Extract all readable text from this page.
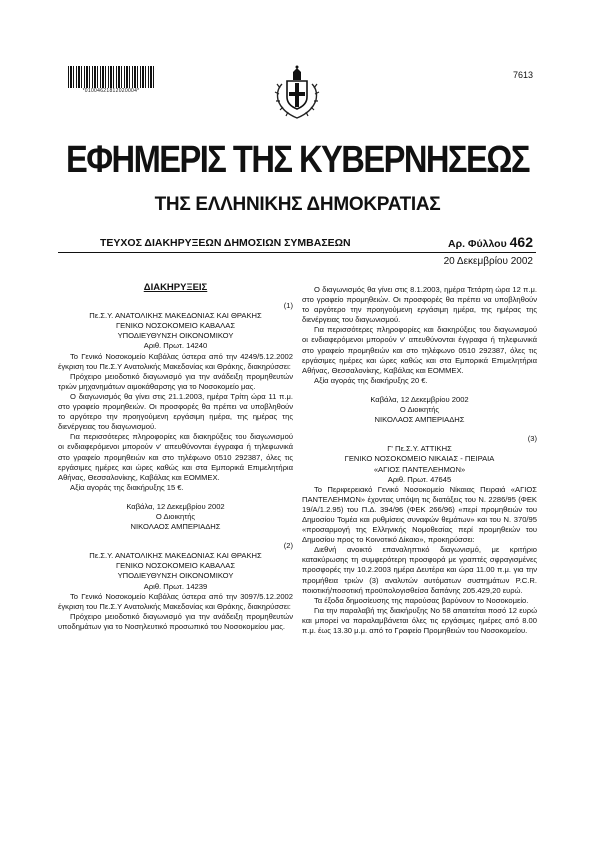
*01004621812020004*
7613
ΕΦΗΜΕΡΙΣ ΤΗΣ ΚΥΒΕΡΝΗΣΕΩΣ
ΤΗΣ ΕΛΛΗΝΙΚΗΣ ΔΗΜΟΚΡΑΤΙΑΣ
ΤΕΥΧΟΣ ΔΙΑΚΗΡΥΞΕΩΝ ΔΗΜΟΣΙΩΝ ΣΥΜΒΑΣΕΩΝ	Αρ. Φύλλου 462
20 Δεκεμβρίου 2002
ΔΙΑΚΗΡΥΞΕΙΣ

(1)

Πε.Σ.Υ. ΑΝΑΤΟΛΙΚΗΣ ΜΑΚΕΔΟΝΙΑΣ ΚΑΙ ΘΡΑΚΗΣ

ΓΕΝΙΚΟ ΝΟΣΟΚΟΜΕΙΟ ΚΑΒΑΛΑΣ

ΥΠΟΔΙΕΥΘΥΝΣΗ ΟΙΚΟΝΟΜΙΚΟΥ

Αριθ. Πρωτ. 14240

Το Γενικό Νοσοκομείο Καβάλας ύστερα από την 4249/5.12.2002 έγκριση του Πε.Σ.Υ Ανατολικής Μακεδονίας και Θράκης, διακηρύσσει:

Πρόχειρο μειοδοτικό διαγωνισμό για την ανάδειξη προμηθευτών τριών μηχανημάτων αιμοκάθαρσης για το Νοσοκομείο μας.

Ο διαγωνισμός θα γίνει στις 21.1.2003, ημέρα Τρίτη ώρα 11 π.μ. στο γραφείο προμηθειών. Οι προσφορές θα πρέπει να υποβληθούν το αργότερο την προηγούμενη εργάσιμη ημέρα, της ημέρας της διενέργειας του διαγωνισμού.

Για περισσότερες πληροφορίες και διακηρύξεις του διαγωνισμού οι ενδιαφερόμενοι μπορούν ν' απευθύνονται έγγραφα ή τηλεφωνικά στο γραφείο προμηθειών και στο τηλέφωνο 0510 292387, όλες τις εργάσιμες ημέρες και ώρες καθώς και στα Εμπορικά Επιμελητήρια Αθήνας, Θεσσαλονίκης, Καβάλας και ΕΟΜΜΕΧ.

Αξία αγοράς της διακήρυξης 15 €.

Καβάλα, 12 Δεκεμβρίου 2002

Ο Διοικητής

ΝΙΚΟΛΑΟΣ ΑΜΠΕΡΙΑΔΗΣ

(2)

Πε.Σ.Υ. ΑΝΑΤΟΛΙΚΗΣ ΜΑΚΕΔΟΝΙΑΣ ΚΑΙ ΘΡΑΚΗΣ

ΓΕΝΙΚΟ ΝΟΣΟΚΟΜΕΙΟ ΚΑΒΑΛΑΣ

ΥΠΟΔΙΕΥΘΥΝΣΗ ΟΙΚΟΝΟΜΙΚΟΥ

Αριθ. Πρωτ. 14239

Το Γενικό Νοσοκομείο Καβάλας ύστερα από την 3097/5.12.2002 έγκριση του Πε.Σ.Υ Ανατολικής Μακεδονίας και Θράκης, διακηρύσσει:

Πρόχειρο μειοδοτικό διαγωνισμό για την ανάδειξη προμηθευτών υποδημάτων για το Νοσηλευτικό προσωπικό του Νοσοκομείου μας.

Ο διαγωνισμός θα γίνει στις 8.1.2003, ημέρα Τετάρτη ώρα 12 π.μ. στο γραφείο προμηθειών. Οι προσφορές θα πρέπει να υποβληθούν το αργότερο την προηγούμενη εργάσιμη ημέρα, της ημέρας της διενέργειας του διαγωνισμού.

Για περισσότερες πληροφορίες και διακηρύξεις του διαγωνισμού οι ενδιαφερόμενοι μπορούν ν' απευθύνονται έγγραφα ή τηλεφωνικά στο γραφείο προμηθειών και στο τηλέφωνο 0510 292387, όλες τις εργάσιμες ημέρες και ώρες καθώς και στα Εμπορικά Επιμελητήρια Αθήνας, Θεσσαλονίκης, Καβάλας και ΕΟΜΜΕΧ.

Αξία αγοράς της διακήρυξης 20 €.

Καβάλα, 12 Δεκεμβρίου 2002

Ο Διοικητής

ΝΙΚΟΛΑΟΣ ΑΜΠΕΡΙΑΔΗΣ

(3)

Γ' Πε.Σ.Υ. ΑΤΤΙΚΗΣ

ΓΕΝΙΚΟ ΝΟΣΟΚΟΜΕΙΟ ΝΙΚΑΙΑΣ - ΠΕΙΡΑΙΑ

«ΑΓΙΟΣ ΠΑΝΤΕΛΕΗΜΩΝ»

Αριθ. Πρωτ. 47645

Το Περιφερειακό Γενικό Νοσοκομείο Νίκαιας Πειραιά «ΑΓΙΟΣ ΠΑΝΤΕΛΕΗΜΩΝ» έχοντας υπόψη τις διατάξεις του Ν. 2286/95 (ΦΕΚ 19/Α/1.2.95) του Π.Δ. 394/96 (ΦΕΚ 266/96) «περί προμηθειών του Δημοσίου Τομέα και ρυθμίσεις συναφών θεμάτων» και του Ν. 370/95 «προσαρμογή της Ελληνικής Νομοθεσίας περί προμηθειών του Δημοσίου προς το Κοινοτικό Δίκαιο», προκηρύσσει:

Διεθνή ανοικτό επαναληπτικό διαγωνισμό, με κριτήριο κατακύρωσης τη συμφερότερη προσφορά με γραπτές σφραγισμένες προσφορές την 10.2.2003 ημέρα Δευτέρα και ώρα 11.00 π.μ. για την προμήθεια τριών (3) αναλυτών αυτόματων συστημάτων P.C.R. ποιοτική/ποσοτική προϋπολογισθείσα δαπάνης 205.429,20 ευρώ.

Τα έξοδα δημοσίευσης της παρούσας βαρύνουν το Νοσοκομείο.

Για την παραλαβή της διακήρυξης Νο 58 απαιτείται ποσό 12 ευρώ και μπορεί να παραλαμβάνεται όλες τις εργάσιμες ημέρες από 8.00 π.μ. έως 13.30 μ.μ. από το Γραφείο Προμηθειών του Νοσοκομείου.
